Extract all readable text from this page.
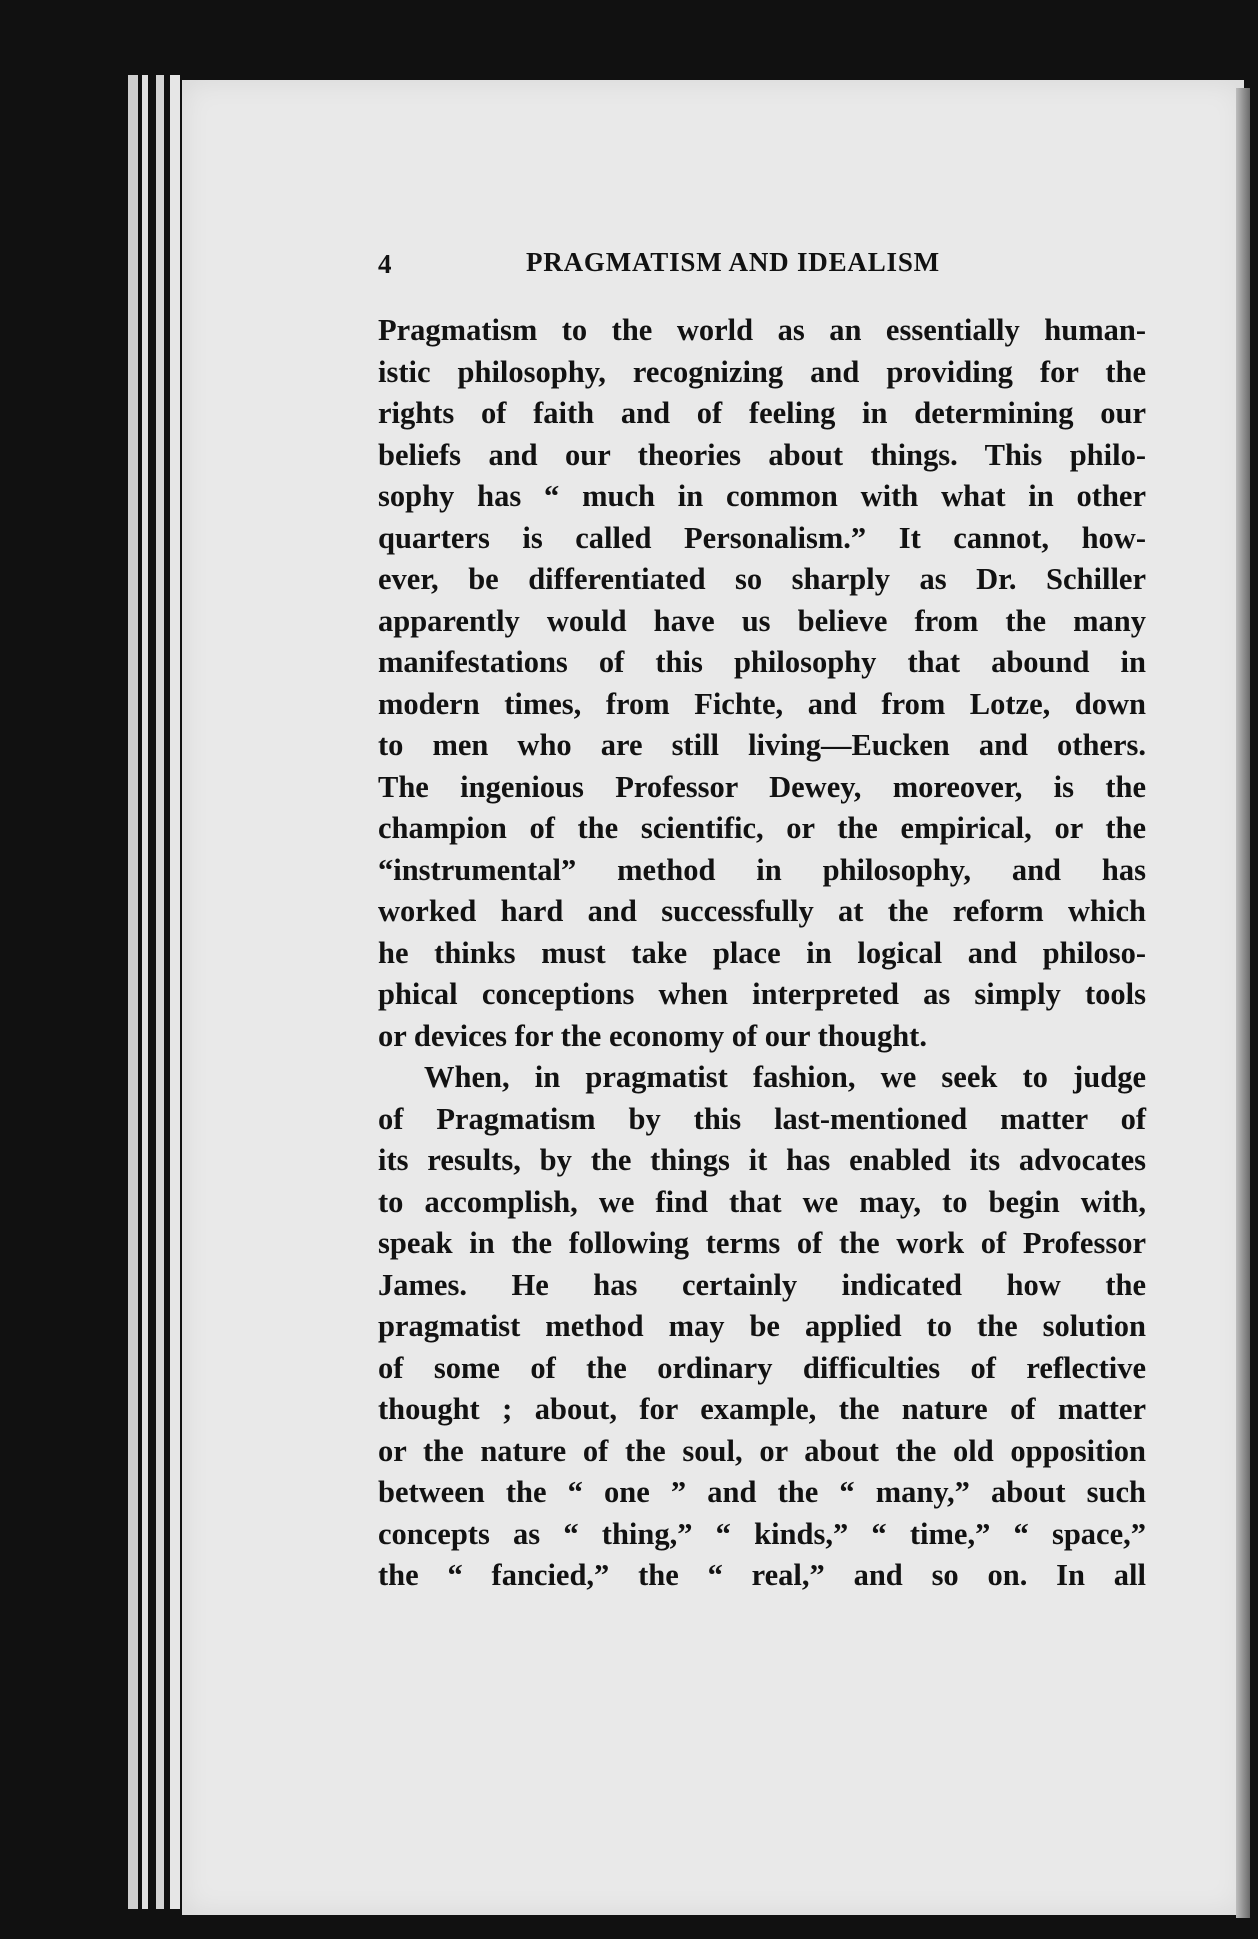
4	PRAGMATISM AND IDEALISM
Pragmatism to the world as an essentially human-
istic philosophy, recognizing and providing for the
rights of faith and of feeling in determining our
beliefs and our theories about things. This philo-
sophy has “ much in common with what in other
quarters is called Personalism.” It cannot, how-
ever, be differentiated so sharply as Dr. Schiller
apparently would have us believe from the many
manifestations of this philosophy that abound in
modern times, from Fichte, and from Lotze, down
to men who are still living—Eucken and others.
The ingenious Professor Dewey, moreover, is the
champion of the scientific, or the empirical, or the
“instrumental” method in philosophy, and has
worked hard and successfully at the reform which
he thinks must take place in logical and philoso-
phical conceptions when interpreted as simply tools
or devices for the economy of our thought.
When, in pragmatist fashion, we seek to judge
of Pragmatism by this last-mentioned matter of
its results, by the things it has enabled its advocates
to accomplish, we find that we may, to begin with,
speak in the following terms of the work of Professor
James. He has certainly indicated how the
pragmatist method may be applied to the solution
of some of the ordinary difficulties of reflective
thought ; about, for example, the nature of matter
or the nature of the soul, or about the old opposition
between the “ one ” and the “ many,” about such
concepts as “ thing,” “ kinds,” “ time,” “ space,”
the “ fancied,” the “ real,” and so on. In all
